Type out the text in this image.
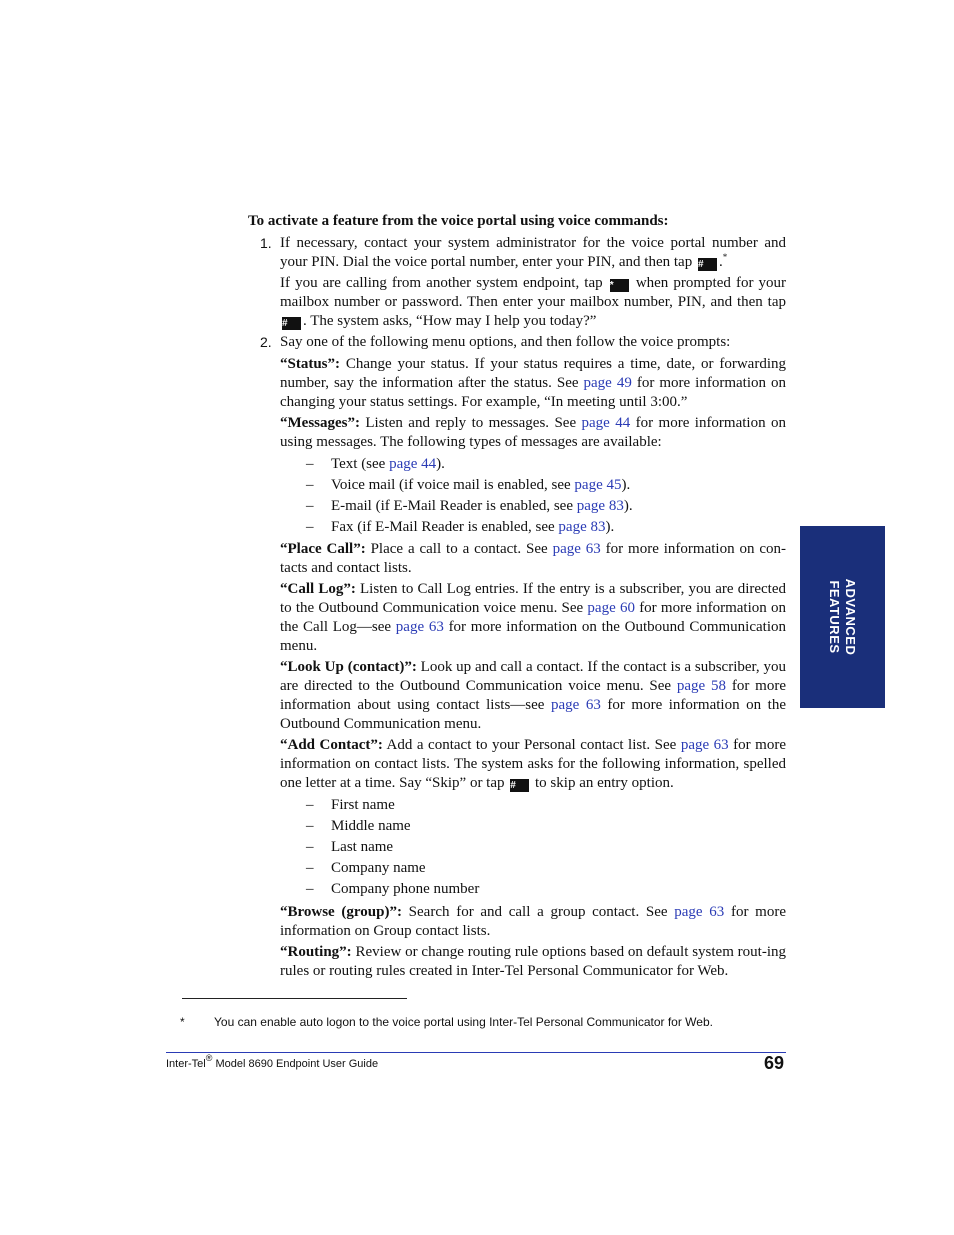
To activate a feature from the voice portal using voice commands:
1. If necessary, contact your system administrator for the voice portal number and your PIN. Dial the voice portal number, enter your PIN, and then tap # .*
If you are calling from another system endpoint, tap * when prompted for your mailbox number or password. Then enter your mailbox number, PIN, and then tap # . The system asks, “How may I help you today?”
2. Say one of the following menu options, and then follow the voice prompts:
“Status”: Change your status. If your status requires a time, date, or forwarding number, say the information after the status. See page 49 for more information on changing your status settings. For example, “In meeting until 3:00.”
“Messages”: Listen and reply to messages. See page 44 for more information on using messages. The following types of messages are available:
– Text (see page 44).
– Voice mail (if voice mail is enabled, see page 45).
– E-mail (if E-Mail Reader is enabled, see page 83).
– Fax (if E-Mail Reader is enabled, see page 83).
“Place Call”: Place a call to a contact. See page 63 for more information on con-tacts and contact lists.
“Call Log”: Listen to Call Log entries. If the entry is a subscriber, you are directed to the Outbound Communication voice menu. See page 60 for more information on the Call Log—see page 63 for more information on the Outbound Communication menu.
“Look Up (contact)”: Look up and call a contact. If the contact is a subscriber, you are directed to the Outbound Communication voice menu. See page 58 for more information about using contact lists—see page 63 for more information on the Outbound Communication menu.
“Add Contact”: Add a contact to your Personal contact list. See page 63 for more information on contact lists. The system asks for the following information, spelled one letter at a time. Say “Skip” or tap # to skip an entry option.
– First name
– Middle name
– Last name
– Company name
– Company phone number
“Browse (group)”: Search for and call a group contact. See page 63 for more information on Group contact lists.
“Routing”: Review or change routing rule options based on default system rout-ing rules or routing rules created in Inter-Tel Personal Communicator for Web.
ADVANCED
FEATURES
* You can enable auto logon to the voice portal using Inter-Tel Personal Communicator for Web.
Inter-Tel® Model 8690 Endpoint User Guide	69
